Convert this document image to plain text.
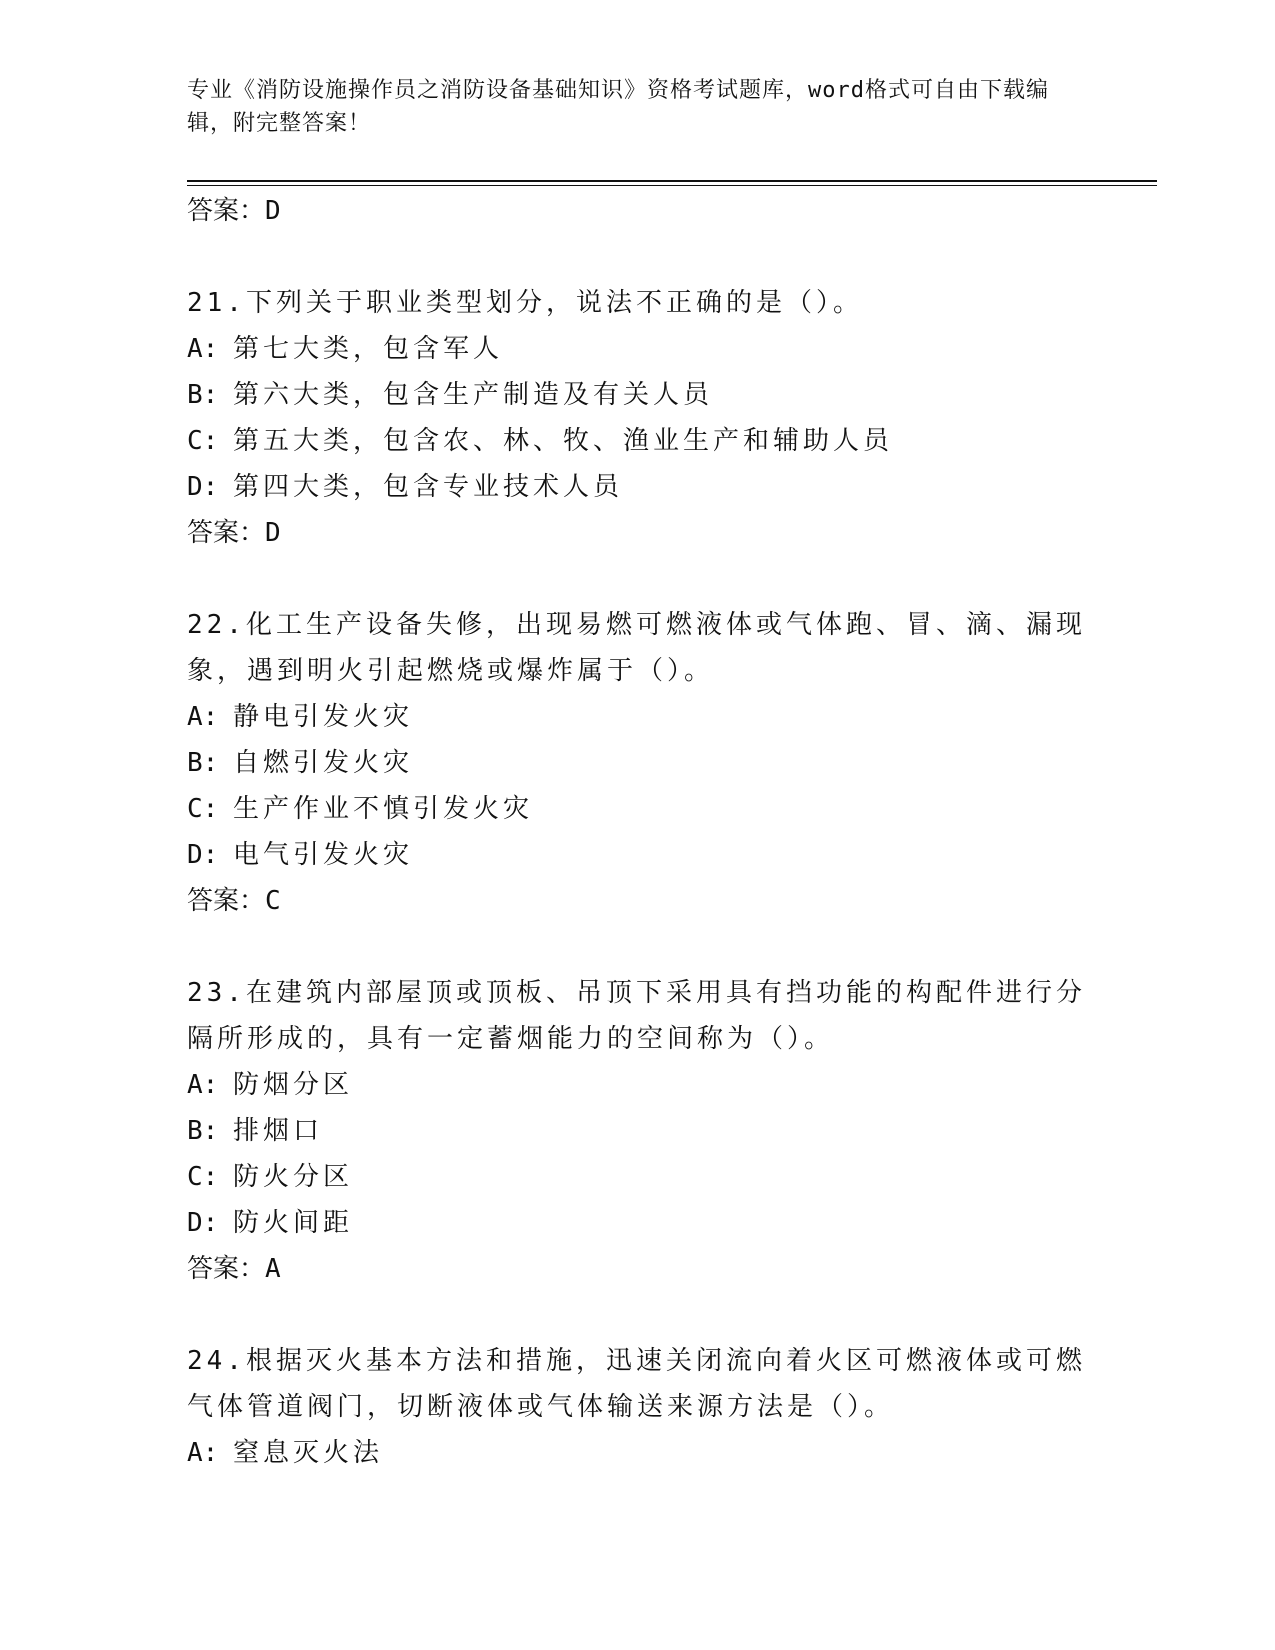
专业《消防设施操作员之消防设备基础知识》资格考试题库，word格式可自由下载编辑，附完整答案！
答案：D
21.下列关于职业类型划分，说法不正确的是（）。
A: 第七大类，包含军人
B: 第六大类，包含生产制造及有关人员
C: 第五大类，包含农、林、牧、渔业生产和辅助人员
D: 第四大类，包含专业技术人员
答案：D
22.化工生产设备失修，出现易燃可燃液体或气体跑、冒、滴、漏现象，遇到明火引起燃烧或爆炸属于（）。
A: 静电引发火灾
B: 自燃引发火灾
C: 生产作业不慎引发火灾
D: 电气引发火灾
答案：C
23.在建筑内部屋顶或顶板、吊顶下采用具有挡功能的构配件进行分隔所形成的，具有一定蓄烟能力的空间称为（）。
A: 防烟分区
B: 排烟口
C: 防火分区
D: 防火间距
答案：A
24.根据灭火基本方法和措施，迅速关闭流向着火区可燃液体或可燃气体管道阀门，切断液体或气体输送来源方法是（）。
A: 窒息灭火法
